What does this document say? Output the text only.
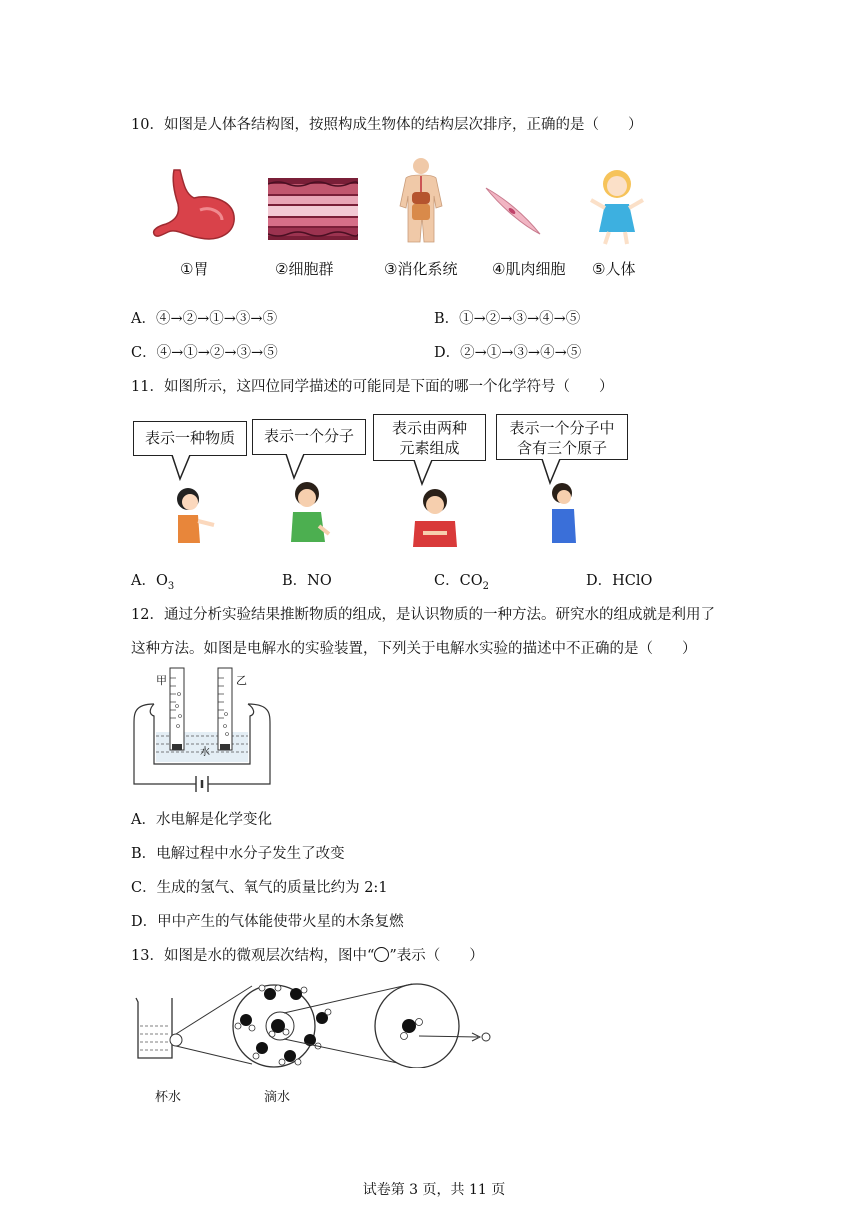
10．如图是人体各结构图，按照构成生物体的结构层次排序，正确的是（　　）
①胃	②细胞群	③消化系统 ④肌肉细胞 ⑤人体
A．④→②→①→③→⑤	B．①→②→③→④→⑤
C．④→①→②→③→⑤	D．②→①→③→④→⑤
11．如图所示，这四位同学描述的可能同是下面的哪一个化学符号（　　）
表示一种物质	表示一个分子	表示由两种
元素组成
表示一个分子中
含有三个原子
A．$O_3$	B．NO	C．$CO_2$	D．HClO
12．通过分析实验结果推断物质的组成，是认识物质的一种方法。研究水的组成就是利用了
这种方法。如图是电解水的实验装置，下列关于电解水实验的描述中不正确的是（　　）
甲	乙
水
A．水电解是化学变化
B．电解过程中水分子发生了改变
C．生成的氢气、氧气的质量比约为 2:1
D．甲中产生的气体能使带火星的木条复燃
13．如图是水的微观层次结构，图中“ ”表示（　　）
杯水	滴水
试卷第 3 页，共 11 页
